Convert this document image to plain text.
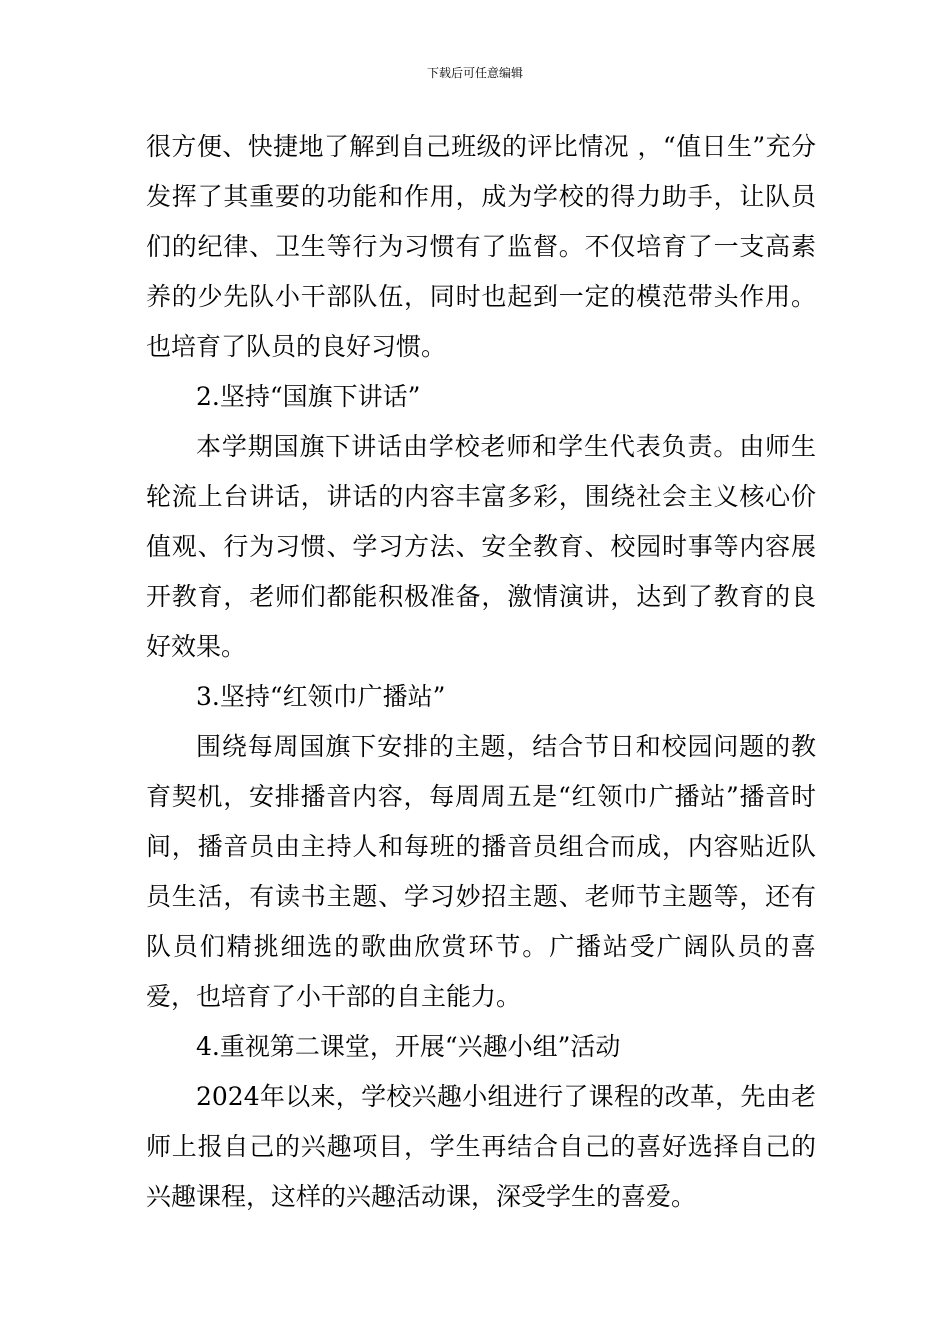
下载后可任意编辑

很方便、快捷地了解到自己班级的评比情况 ，“值日生”充分发挥了其重要的功能和作用，成为学校的得力助手，让队员们的纪律、卫生等行为习惯有了监督。不仅培育了一支高素养的少先队小干部队伍，同时也起到一定的模范带头作用。也培育了队员的良好习惯。

2.坚持“国旗下讲话”

本学期国旗下讲话由学校老师和学生代表负责。由师生轮流上台讲话，讲话的内容丰富多彩，围绕社会主义核心价值观、行为习惯、学习方法、安全教育、校园时事等内容展开教育，老师们都能积极准备，激情演讲，达到了教育的良好效果。

3.坚持“红领巾广播站”

围绕每周国旗下安排的主题，结合节日和校园问题的教育契机，安排播音内容，每周周五是“红领巾广播站”播音时间，播音员由主持人和每班的播音员组合而成，内容贴近队员生活，有读书主题、学习妙招主题、老师节主题等，还有队员们精挑细选的歌曲欣赏环节。广播站受广阔队员的喜爱，也培育了小干部的自主能力。

4.重视第二课堂，开展“兴趣小组”活动

2024年以来，学校兴趣小组进行了课程的改革，先由老师上报自己的兴趣项目，学生再结合自己的喜好选择自己的兴趣课程，这样的兴趣活动课，深受学生的喜爱。
